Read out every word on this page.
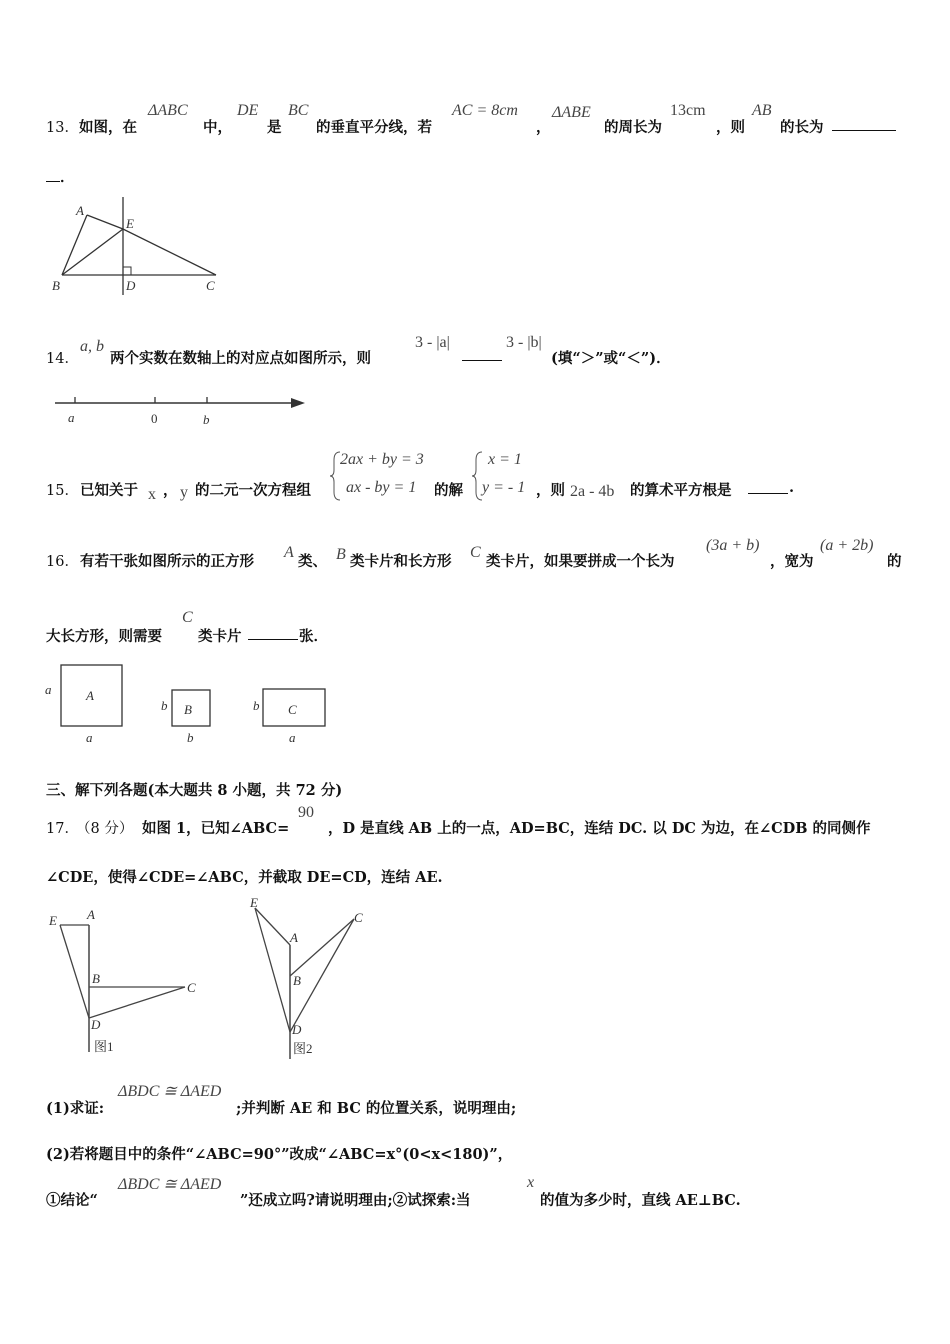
13．如图，在
ΔABC
中，
DE
是
BC
的垂直平分线，若
AC = 8cm
，
ΔABE
的周长为
13cm
，则
AB
的长为
．
A
E
B	D	C
14．
a, b
两个实数在数轴上的对应点如图所示，则
3 - |a|	3 - |b|
(填“＞”或“＜”)．
a	0	b
15． 已知关于 x ， y 的二元一次方程组
2ax + by = 3
ax - by = 1 的解
x = 1
y = - 1 ，则 2a - 4b 的算术平方根是	.
16． 有若干张如图所示的正方形
A
类、 B 类卡片和长方形
C
类卡片，如果要拼成一个长为
(3a + b)
，宽为
(a + 2b)
的
大长方形，则需要
C
类卡片	张．
A
a
a
B
b
b
C
b
a
三、解下列各题(本大题共 8 小题，共 72 分)
17．
（8 分） 如图 1，已知∠ABC=
90
，D 是直线 AB 上的一点，AD=BC，连结 DC. 以 DC 为边，在∠CDB 的同侧作
∠CDE，使得∠CDE=∠ABC，并截取 DE=CD，连结 AE.
E A
B
C
D
图1
E
A
B
C
D
图2
(1)求证:
ΔBDC ≅ ΔAED
;并判断 AE 和 BC 的位置关系，说明理由;
(2)若将题目中的条件“∠ABC=90°”改成“∠ABC=x°(0<x<180)”，
①结论“
ΔBDC ≅ ΔAED
”还成立吗?请说明理由;②试探索:当
x
的值为多少时，直线 AE⊥BC.
